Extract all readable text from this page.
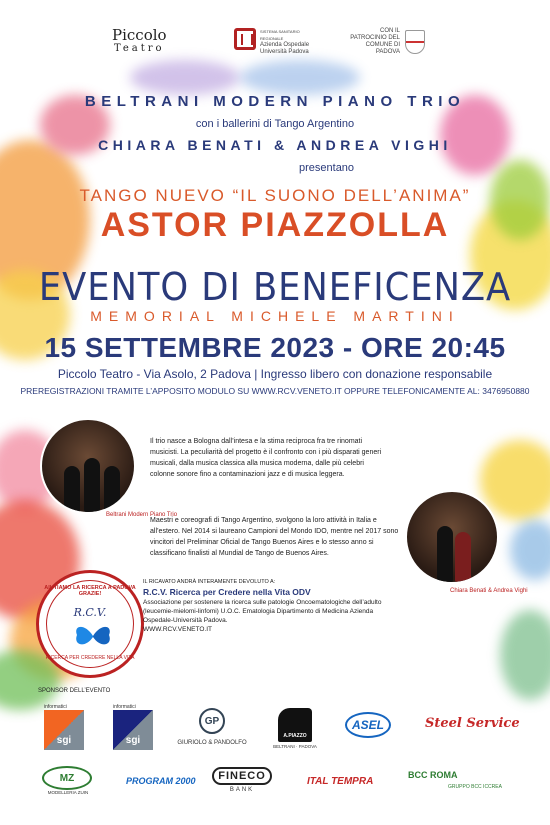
Piccolo
Teatro
SISTEMA SANITARIO REGIONALE
Azienda Ospedale Università Padova
CON IL PATROCINIO DEL COMUNE DI PADOVA
BELTRANI MODERN PIANO TRIO
con i ballerini di Tango Argentino
CHIARA BENATI & ANDREA VIGHI
presentano
TANGO NUEVO “IL SUONO DELL’ANIMA”
ASTOR PIAZZOLLA
EVENTO DI BENEFICENZA
MEMORIAL MICHELE MARTINI
15 SETTEMBRE 2023 - ORE 20:45
Piccolo Teatro - Via Asolo, 2 Padova | Ingresso libero con donazione responsabile
PREREGISTRAZIONI TRAMITE L’APPOSITO MODULO SU WWW.RCV.VENETO.IT OPPURE TELEFONICAMENTE AL: 3476950880
Beltrani Modern Piano Trio
Il trio nasce a Bologna dall’intesa e la stima reciproca fra tre rinomati musicisti. La peculiarità del progetto è il confronto con i più disparati generi musicali, dalla musica classica alla musica moderna, dalle più celebri colonne sonore fino a contaminazioni jazz e di musica leggera.
Maestri e coreografi di Tango Argentino, svolgono la loro attività in Italia e all’estero. Nel 2014 si laureano Campioni del Mondo IDO, mentre nel 2017 sono vincitori del Preliminar Oficial de Tango Buenos Aires e lo stesso anno si classificano finalisti al Mundial de Tango de Buenos Aires.
Chiara Benati & Andrea Vighi
AIUTIAMO LA RICERCA A PADOVA GRAZIE!
R.C.V.
RICERCA PER CREDERE NELLA VITA
IL RICAVATO ANDRÀ INTERAMENTE DEVOLUTO A:
R.C.V. Ricerca per Credere nella Vita ODV
Associazione per sostenere la ricerca sulle patologie Oncoematologiche dell’adulto (leucemie-mielomi-linfomi) U.O.C. Ematologia Dipartimento di Medicina Azienda Ospedale-Università Padova.
WWW.RCV.VENETO.IT
SPONSOR DELL’EVENTO
informatici
sgi
informatici
sgi
GP
GIURIOLO & PANDOLFO
A.PIAZZO
BELTRANI · PADOVA
ASEL	Steel Service
MZ
MODELLERIA ZUIN
PROGRAM 2000	FINECO
BANK
ITAL TEMPRA
BCC ROMA
GRUPPO BCC ICCREA
